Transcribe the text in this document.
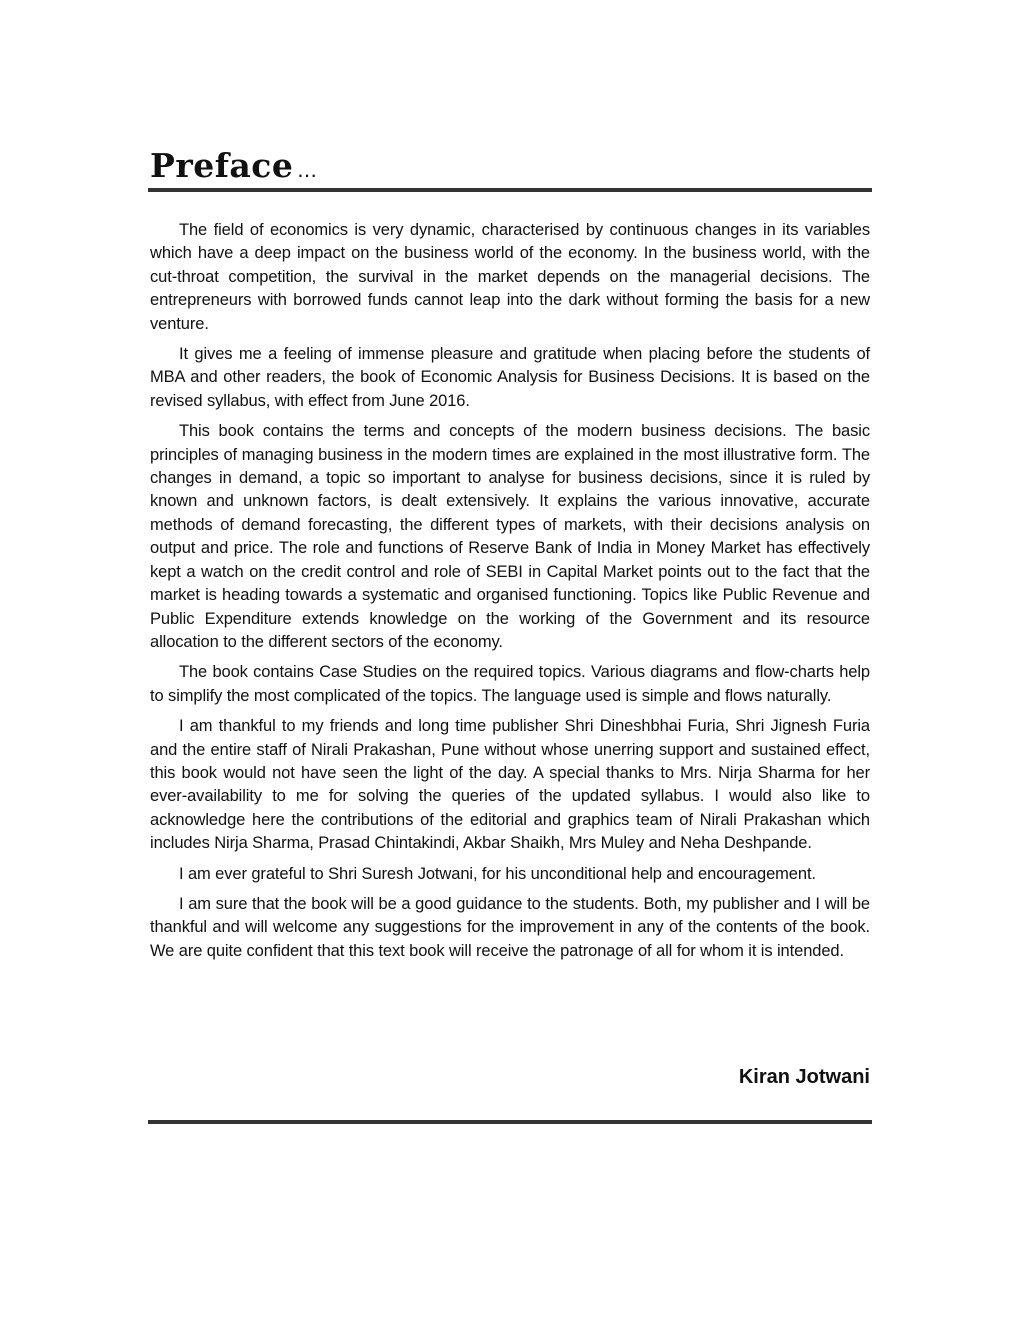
Preface ...

The field of economics is very dynamic, characterised by continuous changes in its variables which have a deep impact on the business world of the economy. In the business world, with the cut-throat competition, the survival in the market depends on the managerial decisions. The entrepreneurs with borrowed funds cannot leap into the dark without forming the basis for a new venture.

It gives me a feeling of immense pleasure and gratitude when placing before the students of MBA and other readers, the book of Economic Analysis for Business Decisions. It is based on the revised syllabus, with effect from June 2016.

This book contains the terms and concepts of the modern business decisions. The basic principles of managing business in the modern times are explained in the most illustrative form. The changes in demand, a topic so important to analyse for business decisions, since it is ruled by known and unknown factors, is dealt extensively. It explains the various innovative, accurate methods of demand forecasting, the different types of markets, with their decisions analysis on output and price. The role and functions of Reserve Bank of India in Money Market has effectively kept a watch on the credit control and role of SEBI in Capital Market points out to the fact that the market is heading towards a systematic and organised functioning. Topics like Public Revenue and Public Expenditure extends knowledge on the working of the Government and its resource allocation to the different sectors of the economy.

The book contains Case Studies on the required topics. Various diagrams and flow-charts help to simplify the most complicated of the topics. The language used is simple and flows naturally.

I am thankful to my friends and long time publisher Shri Dineshbhai Furia, Shri Jignesh Furia and the entire staff of Nirali Prakashan, Pune without whose unerring support and sustained effect, this book would not have seen the light of the day. A special thanks to Mrs. Nirja Sharma for her ever-availability to me for solving the queries of the updated syllabus. I would also like to acknowledge here the contributions of the editorial and graphics team of Nirali Prakashan which includes Nirja Sharma, Prasad Chintakindi, Akbar Shaikh, Mrs Muley and Neha Deshpande.

I am ever grateful to Shri Suresh Jotwani, for his unconditional help and encouragement.

I am sure that the book will be a good guidance to the students. Both, my publisher and I will be thankful and will welcome any suggestions for the improvement in any of the contents of the book. We are quite confident that this text book will receive the patronage of all for whom it is intended.

Kiran Jotwani
